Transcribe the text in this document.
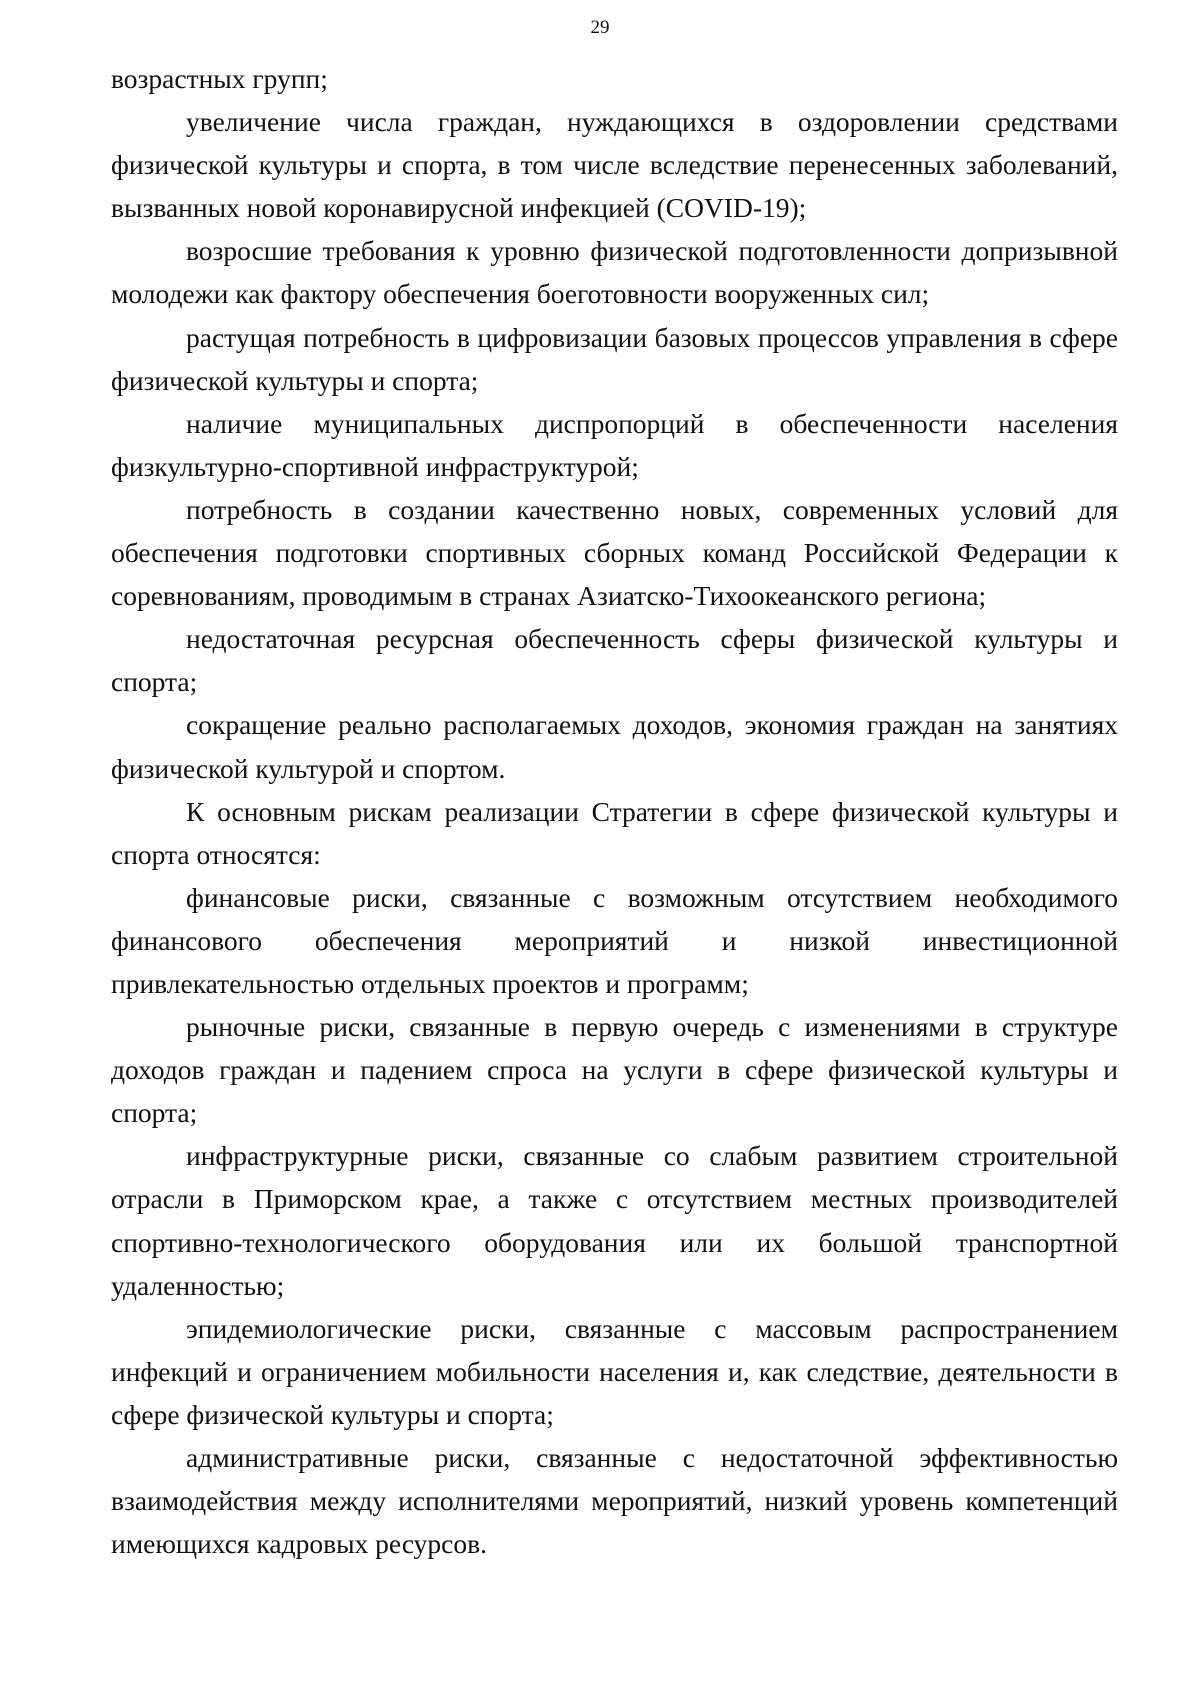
29

возрастных групп;

увеличение числа граждан, нуждающихся в оздоровлении средствами физической культуры и спорта, в том числе вследствие перенесенных заболеваний, вызванных новой коронавирусной инфекцией (COVID-19);

возросшие требования к уровню физической подготовленности допризывной молодежи как фактору обеспечения боеготовности вооруженных сил;

растущая потребность в цифровизации базовых процессов управления в сфере физической культуры и спорта;

наличие муниципальных диспропорций в обеспеченности населения физкультурно-спортивной инфраструктурой;

потребность в создании качественно новых, современных условий для обеспечения подготовки спортивных сборных команд Российской Федерации к соревнованиям, проводимым в странах Азиатско-Тихоокеанского региона;

недостаточная ресурсная обеспеченность сферы физической культуры и спорта;

сокращение реально располагаемых доходов, экономия граждан на занятиях физической культурой и спортом.

К основным рискам реализации Стратегии в сфере физической культуры и спорта относятся:

финансовые риски, связанные с возможным отсутствием необходимого финансового обеспечения мероприятий и низкой инвестиционной привлекательностью отдельных проектов и программ;

рыночные риски, связанные в первую очередь с изменениями в структуре доходов граждан и падением спроса на услуги в сфере физической культуры и спорта;

инфраструктурные риски, связанные со слабым развитием строительной отрасли в Приморском крае, а также с отсутствием местных производителей спортивно-технологического оборудования или их большой транспортной удаленностью;

эпидемиологические риски, связанные с массовым распространением инфекций и ограничением мобильности населения и, как следствие, деятельности в сфере физической культуры и спорта;

административные риски, связанные с недостаточной эффективностью взаимодействия между исполнителями мероприятий, низкий уровень компетенций имеющихся кадровых ресурсов.
